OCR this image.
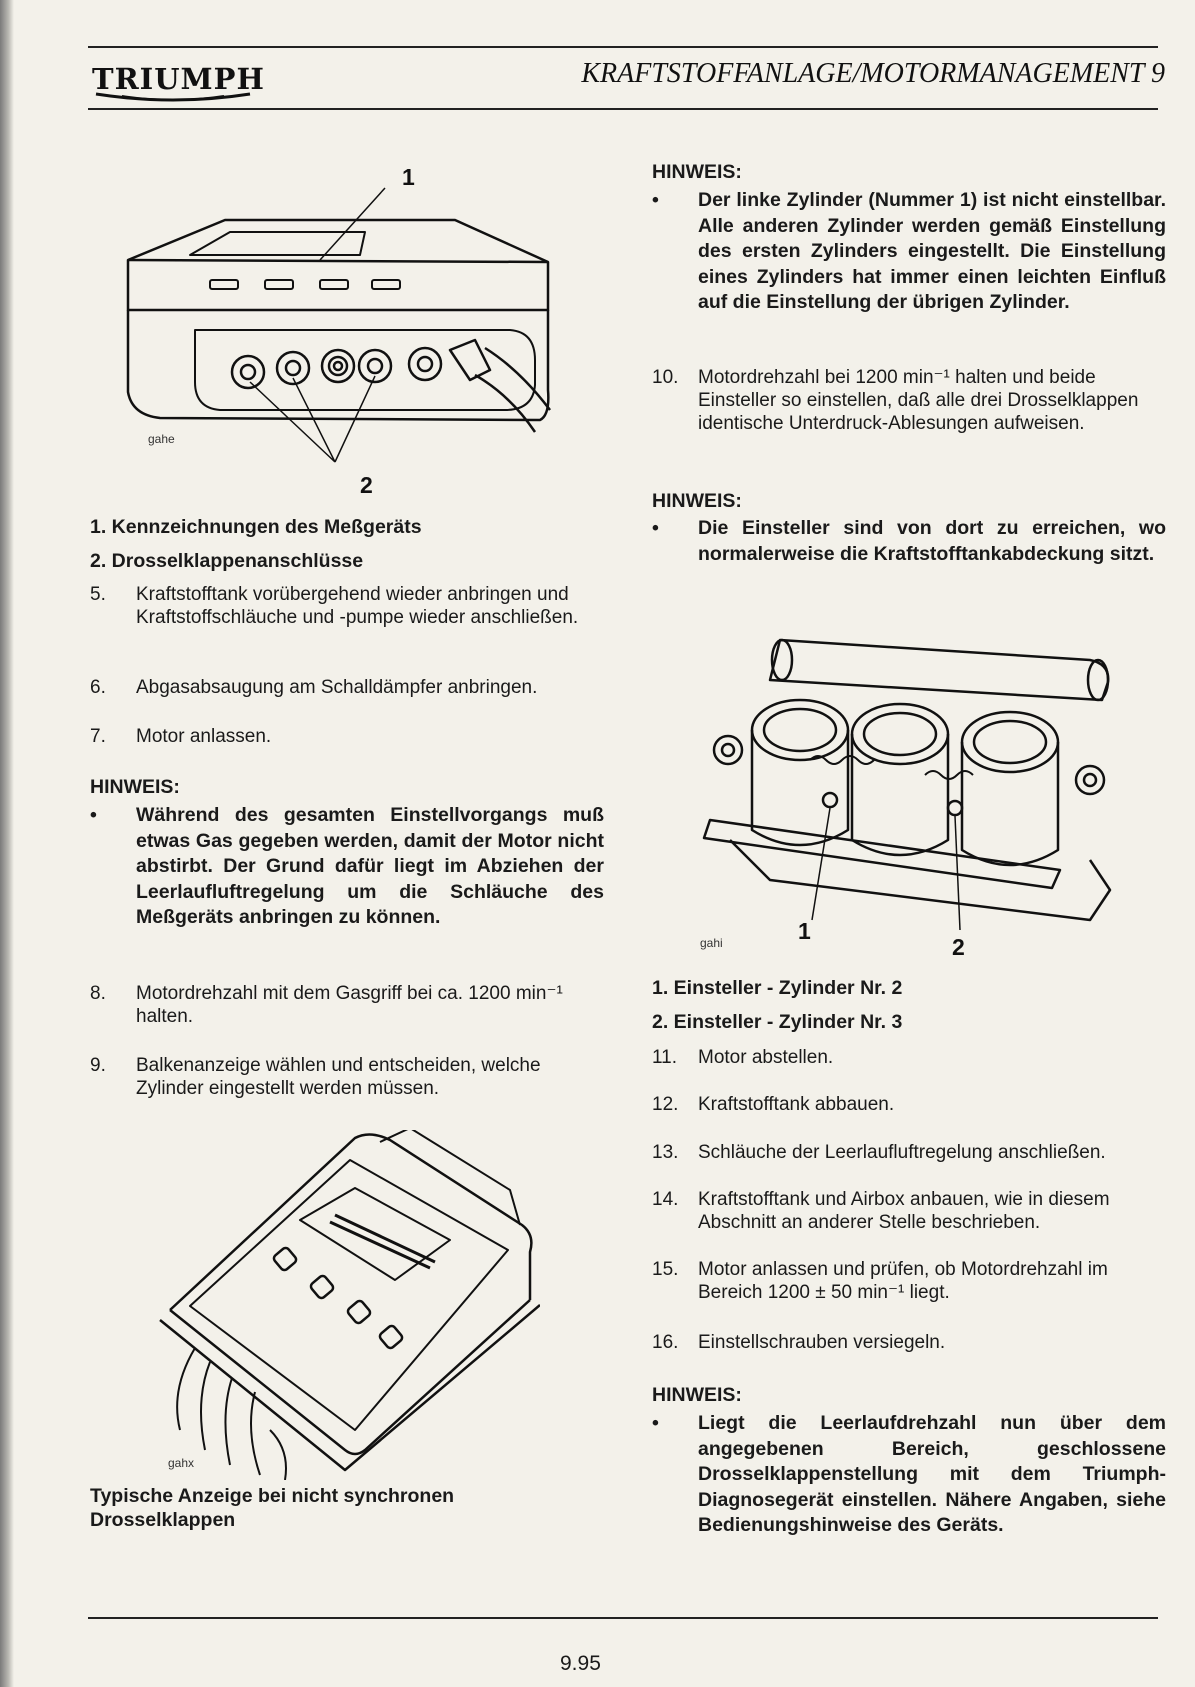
TRIUMPH	KRAFTSTOFFANLAGE/MOTORMANAGEMENT 9
1
2
gahe
1. Kennzeichnungen des Meßgeräts
2. Drosselklappenanschlüsse
5.	Kraftstofftank vorübergehend wieder anbringen und Kraftstoffschläuche und -pumpe wieder anschließen.
6.	Abgasabsaugung am Schalldämpfer anbringen.
7.	Motor anlassen.
HINWEIS:
• Während des gesamten Einstellvorgangs muß etwas Gas gegeben werden, damit der Motor nicht abstirbt. Der Grund dafür liegt im Abziehen der Leerlaufluftregelung um die Schläuche des Meßgeräts anbringen zu können.
8.	Motordrehzahl mit dem Gasgriff bei ca. 1200 min⁻¹ halten.
9.	Balkenanzeige wählen und entscheiden, welche Zylinder eingestellt werden müssen.
gahx
Typische Anzeige bei nicht synchronen Drosselklappen
HINWEIS:
• Der linke Zylinder (Nummer 1) ist nicht einstellbar. Alle anderen Zylinder werden gemäß Einstellung des ersten Zylinders eingestellt. Die Einstellung eines Zylinders hat immer einen leichten Einfluß auf die Einstellung der übrigen Zylinder.
10.	Motordrehzahl bei 1200 min⁻¹ halten und beide Einsteller so einstellen, daß alle drei Drosselklappen identische Unterdruck-Ablesungen aufweisen.
HINWEIS:
• Die Einsteller sind von dort zu erreichen, wo normalerweise die Kraftstofftankabdeckung sitzt.
1
2
gahi
1. Einsteller - Zylinder Nr. 2
2. Einsteller - Zylinder Nr. 3
11.	Motor abstellen.
12.	Kraftstofftank abbauen.
13.	Schläuche der Leerlaufluftregelung anschließen.
14.	Kraftstofftank und Airbox anbauen, wie in diesem Abschnitt an anderer Stelle beschrieben.
15.	Motor anlassen und prüfen, ob Motordrehzahl im Bereich 1200 ± 50 min⁻¹ liegt.
16.	Einstellschrauben versiegeln.
HINWEIS:
• Liegt die Leerlaufdrehzahl nun über dem angegebenen Bereich, geschlossene Drosselklappenstellung mit dem Triumph-Diagnosegerät einstellen. Nähere Angaben, siehe Bedienungshinweise des Geräts.
9.95
